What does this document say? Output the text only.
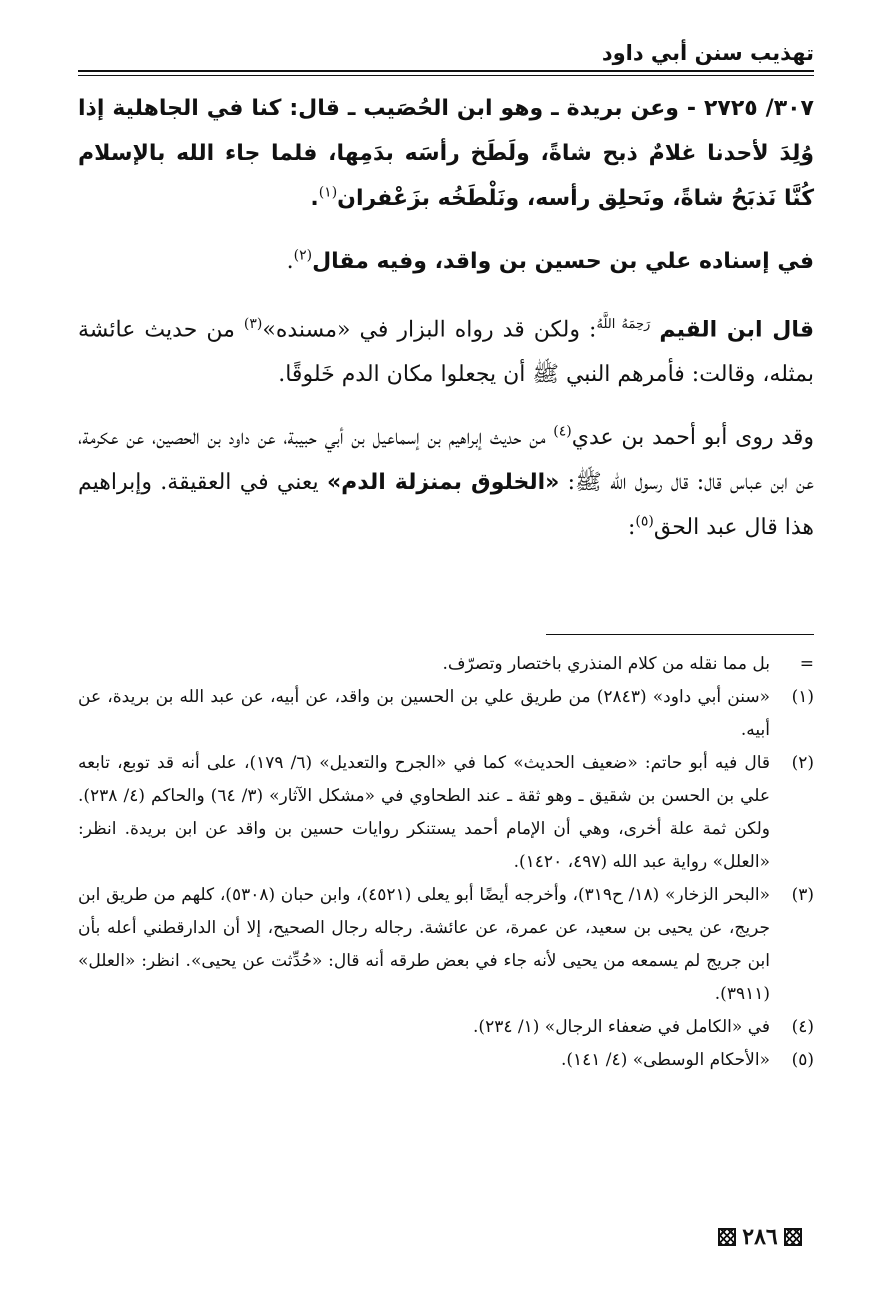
تهذيب سنن أبي داود

٣٠٧/ ٢٧٢٥ - وعن بريدة ـ وهو ابن الحُصَيب ـ قال: كنا في الجاهلية إذا وُلِدَ لأحدنا غلامٌ ذبح شاةً، ولَطَخ رأسَه بدَمِها، فلما جاء الله بالإسلام كُنَّا نَذبَحُ شاةً، ونَحلِق رأسه، ونَلْطَخُه بزَعْفران$^{(١)}$.

في إسناده علي بن حسين بن واقد، وفيه مقال$^{(٢)}$.

قال ابن القيم $^{رَحِمَهُ اللَّهُ}$: ولكن قد رواه البزار في «مسنده»$^{(٣)}$ من حديث عائشة بمثله، وقالت: فأمرهم النبي ﷺ أن يجعلوا مكان الدم خَلوقًا.

وقد روى أبو أحمد بن عدي$^{(٤)}$ من حديث إبراهيم بن إسماعيل بن أبي حبيبة، عن داود بن الحصين، عن عكرمة، عن ابن عباس قال: قال رسول الله ﷺ: «الخلوق بمنزلة الدم» يعني في العقيقة. وإبراهيم هذا قال عبد الحق$^{(٥)}$:

=
بل مما نقله من كلام المنذري باختصار وتصرّف.

(١)
«سنن أبي داود» (٢٨٤٣) من طريق علي بن الحسين بن واقد، عن أبيه، عن عبد الله بن بريدة، عن أبيه.

(٢)
قال فيه أبو حاتم: «ضعيف الحديث» كما في «الجرح والتعديل» (٦/ ١٧٩)، على أنه قد توبع، تابعه علي بن الحسن بن شقيق ـ وهو ثقة ـ عند الطحاوي في «مشكل الآثار» (٣/ ٦٤) والحاكم (٤/ ٢٣٨). ولكن ثمة علة أخرى، وهي أن الإمام أحمد يستنكر روايات حسين بن واقد عن ابن بريدة. انظر: «العلل» رواية عبد الله (٤٩٧، ١٤٢٠).

(٣)
«البحر الزخار» (١٨/ ح٣١٩)، وأخرجه أيضًا أبو يعلى (٤٥٢١)، وابن حبان (٥٣٠٨)، كلهم من طريق ابن جريج، عن يحيى بن سعيد، عن عمرة، عن عائشة. رجاله رجال الصحيح، إلا أن الدارقطني أعله بأن ابن جريج لم يسمعه من يحيى لأنه جاء في بعض طرقه أنه قال: «حُدِّثت عن يحيى». انظر: «العلل» (٣٩١١).

(٤)
في «الكامل في ضعفاء الرجال» (١/ ٢٣٤).

(٥)
«الأحكام الوسطى» (٤/ ١٤١).

٢٨٦
